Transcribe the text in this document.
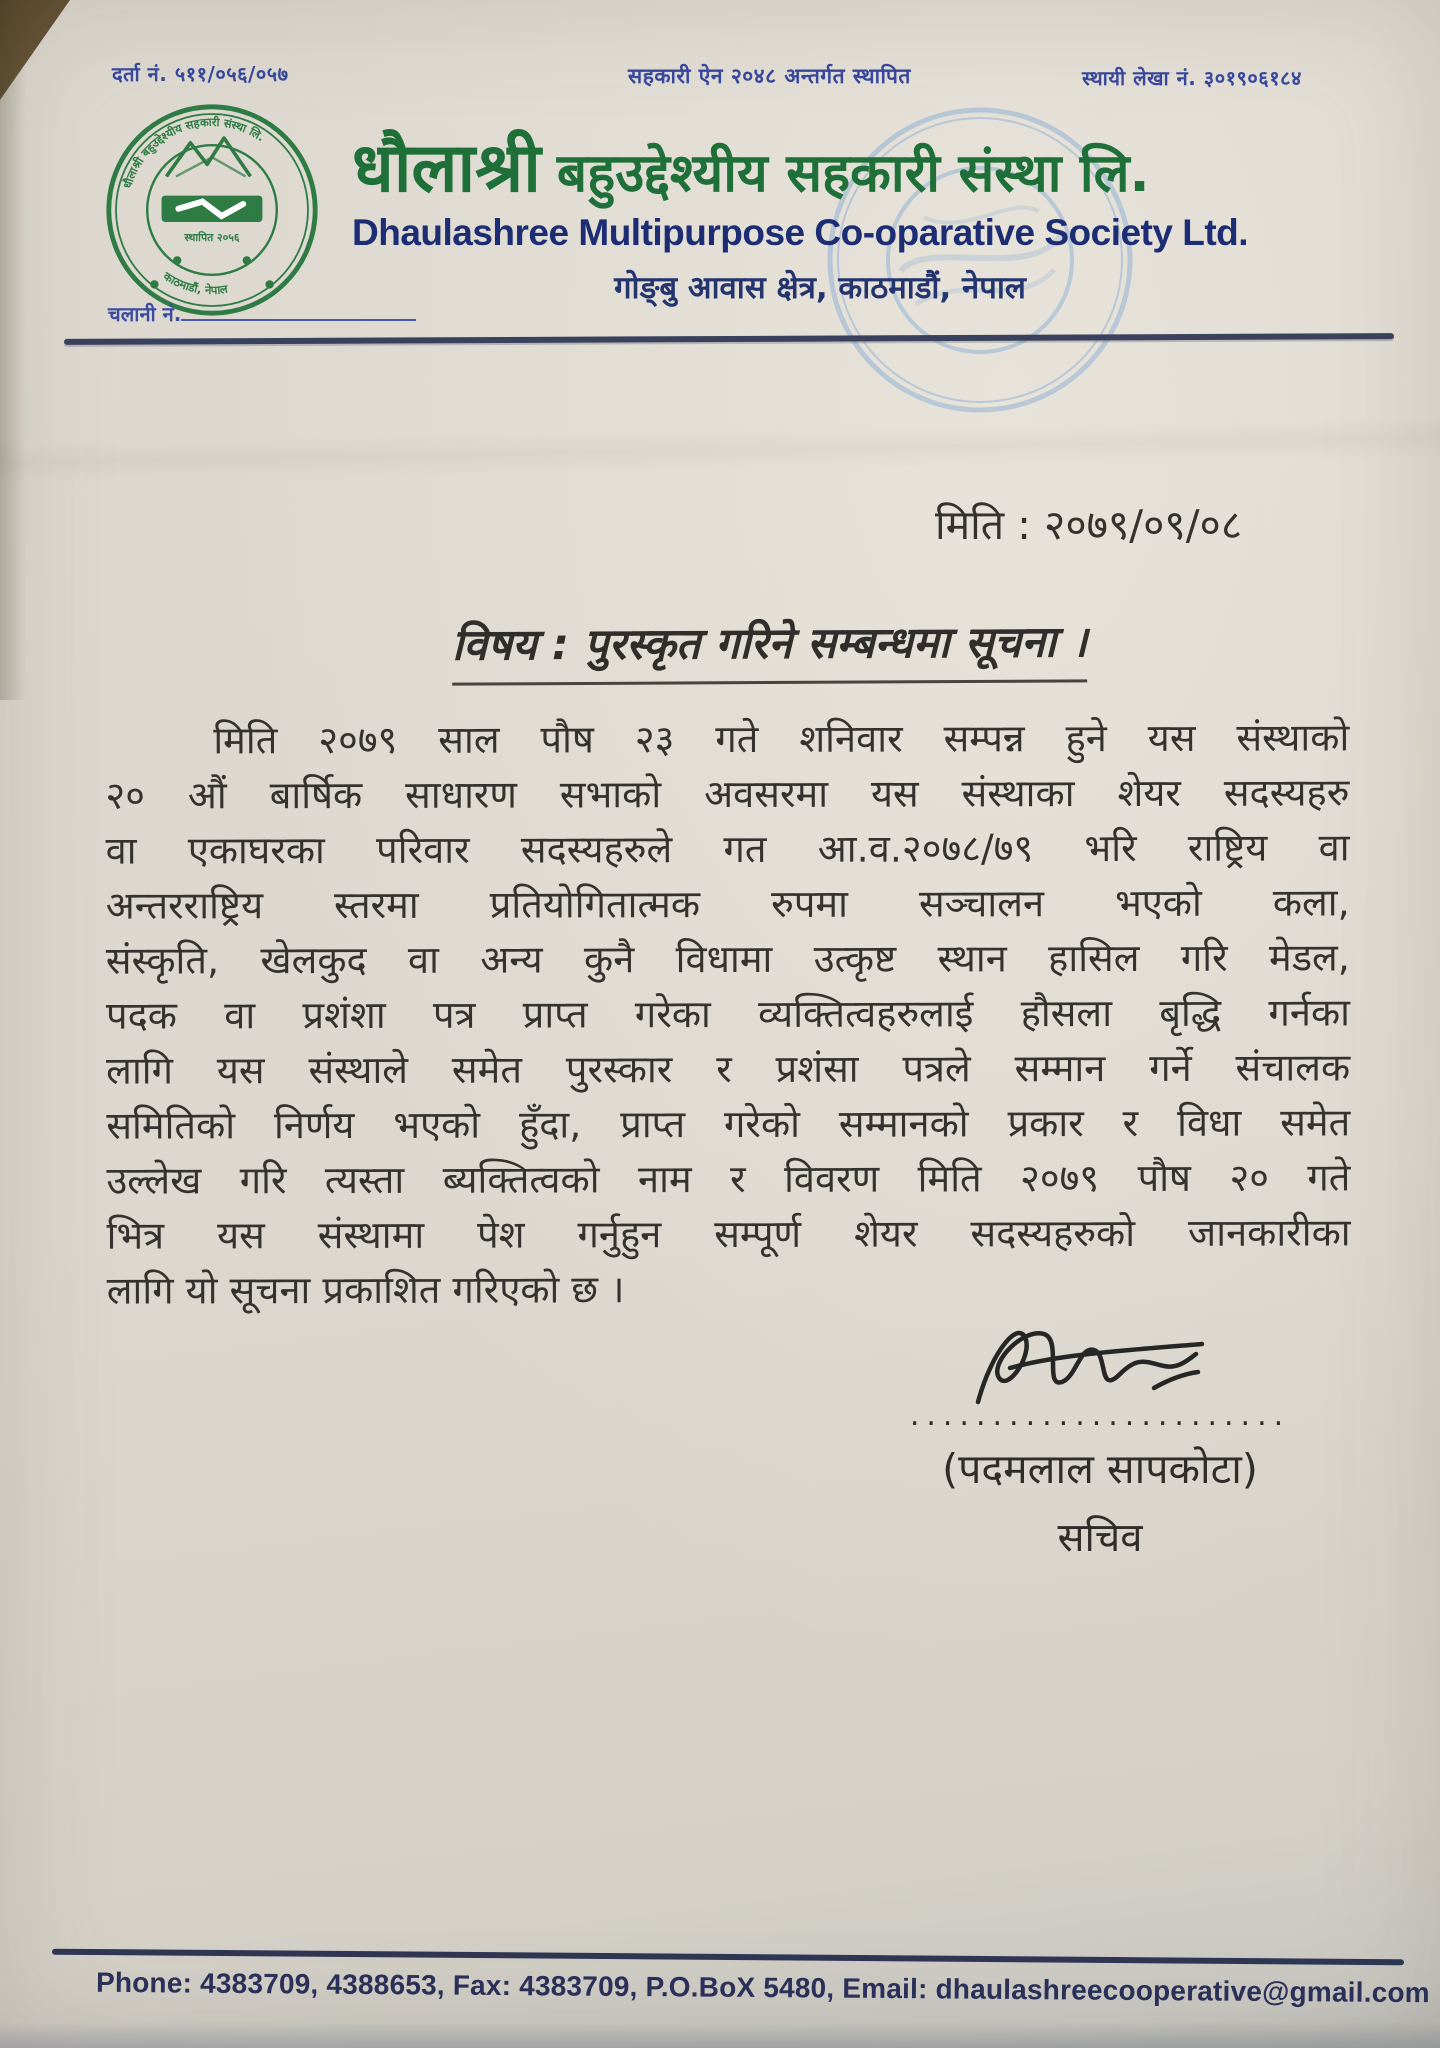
दर्ता नं. ५११/०५६/०५७	सहकारी ऐन २०४८ अन्तर्गत स्थापित	स्थायी लेखा नं. ३०१९०६१८४
स्थापित २०५६
धौलाश्री बहुउद्देश्यीय सहकारी संस्था लि.
काठमाडौं, नेपाल
धौलाश्री बहुउद्देश्यीय सहकारी संस्था लि.
Dhaulashree Multipurpose Co-oparative Society Ltd.
गोङ्बु आवास क्षेत्र, काठमाडौं, नेपाल
चलानी नं.
मिति : २०७९/०९/०८
विषय : पुरस्कृत गरिने सम्बन्धमा सूचना ।
मिति २०७९ साल पौष २३ गते शनिवार सम्पन्न हुने यस संस्थाको
२० औं बार्षिक साधारण सभाको अवसरमा यस संस्थाका शेयर सदस्यहरु
वा एकाघरका परिवार सदस्यहरुले गत आ.व.२०७८/७९ भरि राष्ट्रिय वा
अन्तरराष्ट्रिय स्तरमा प्रतियोगितात्मक रुपमा सञ्चालन भएको कला,
संस्कृति, खेलकुद वा अन्य कुनै विधामा उत्कृष्ट स्थान हासिल गरि मेडल,
पदक वा प्रशंशा पत्र प्राप्त गरेका व्यक्तित्वहरुलाई हौसला बृद्धि गर्नका
लागि यस संस्थाले समेत पुरस्कार र प्रशंसा पत्रले सम्मान गर्ने संचालक
समितिको निर्णय भएको हुँदा, प्राप्त गरेको सम्मानको प्रकार र विधा समेत
उल्लेख गरि त्यस्ता ब्यक्तित्वको नाम र विवरण मिति २०७९ पौष २० गते
भित्र यस संस्थामा पेश गर्नुहुन सम्पूर्ण शेयर सदस्यहरुको जानकारीका
लागि यो सूचना प्रकाशित गरिएको छ ।
.......................
(पदमलाल सापकोटा)
सचिव
Phone: 4383709, 4388653, Fax: 4383709, P.O.BoX 5480, Email: dhaulashreecooperative@gmail.com
